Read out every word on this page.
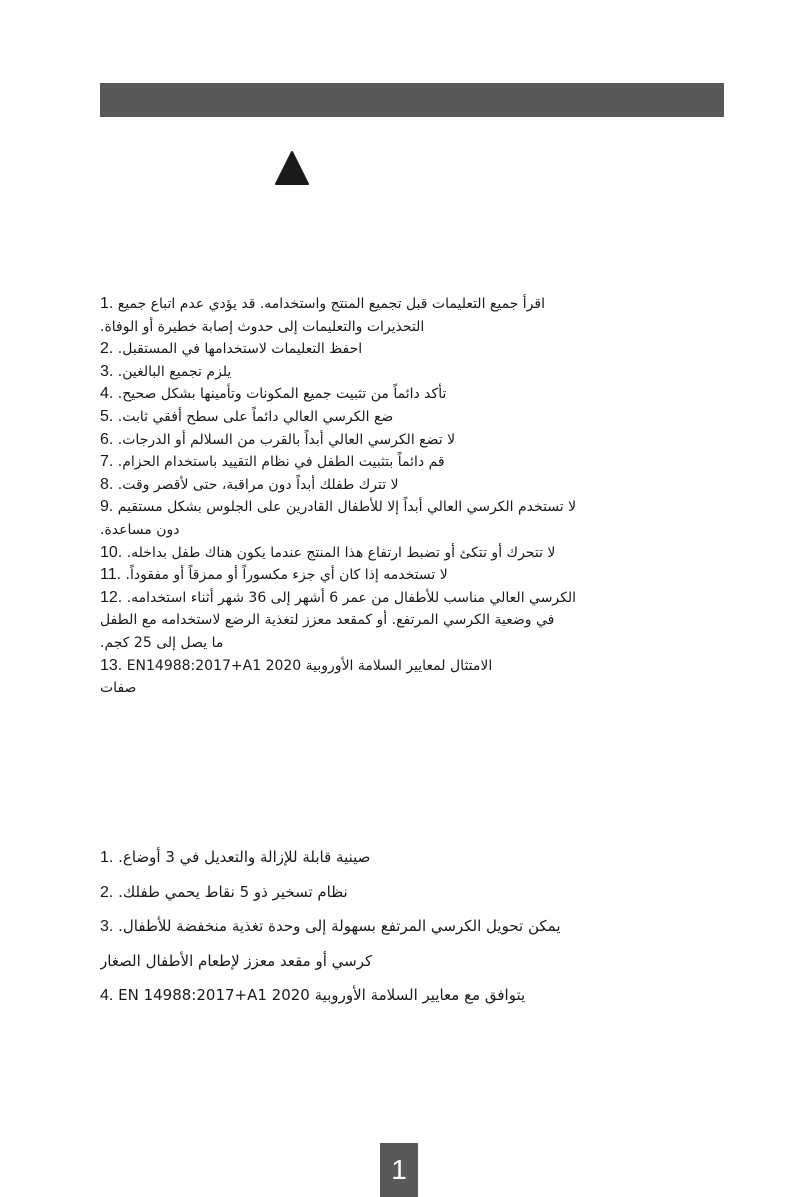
1. اقرأ جميع التعليمات قبل تجميع المنتج واستخدامه. قد يؤدي عدم اتباع جميع
التحذيرات والتعليمات إلى حدوث إصابة خطيرة أو الوفاة.
2. احفظ التعليمات لاستخدامها في المستقبل.
3. يلزم تجميع البالغين.
4. تأكد دائماً من تثبيت جميع المكونات وتأمينها بشكل صحيح.
5. ضع الكرسي العالي دائماً على سطح أفقي ثابت.
6. لا تضع الكرسي العالي أبداً بالقرب من السلالم أو الدرجات.
7. قم دائماً بتثبيت الطفل في نظام التقييد باستخدام الحزام.
8. لا تترك طفلك أبداً دون مراقبة، حتى لأقصر وقت.
9. لا تستخدم الكرسي العالي أبداً إلا للأطفال القادرين على الجلوس بشكل مستقيم
دون مساعدة.
10. لا تتحرك أو تتكئ أو تضبط ارتفاع هذا المنتج عندما يكون هناك طفل بداخله.
11. لا تستخدمه إذا كان أي جزء مكسوراً أو ممزقاً أو مفقوداً.
12. الكرسي العالي مناسب للأطفال من عمر 6 أشهر إلى 36 شهر أثناء استخدامه.
في وضعية الكرسي المرتفع. أو كمقعد معزز لتغذية الرضع لاستخدامه مع الطفل
ما يصل إلى 25 كجم.
13. الامتثال لمعايير السلامة الأوروبية EN14988:2017+A1 2020
صفات
1. صينية قابلة للإزالة والتعديل في 3 أوضاع.
2. نظام تسخير ذو 5 نقاط يحمي طفلك.
3. يمكن تحويل الكرسي المرتفع بسهولة إلى وحدة تغذية منخفضة للأطفال.
كرسي أو مقعد معزز لإطعام الأطفال الصغار
4. يتوافق مع معايير السلامة الأوروبية EN 14988:2017+A1 2020
1
